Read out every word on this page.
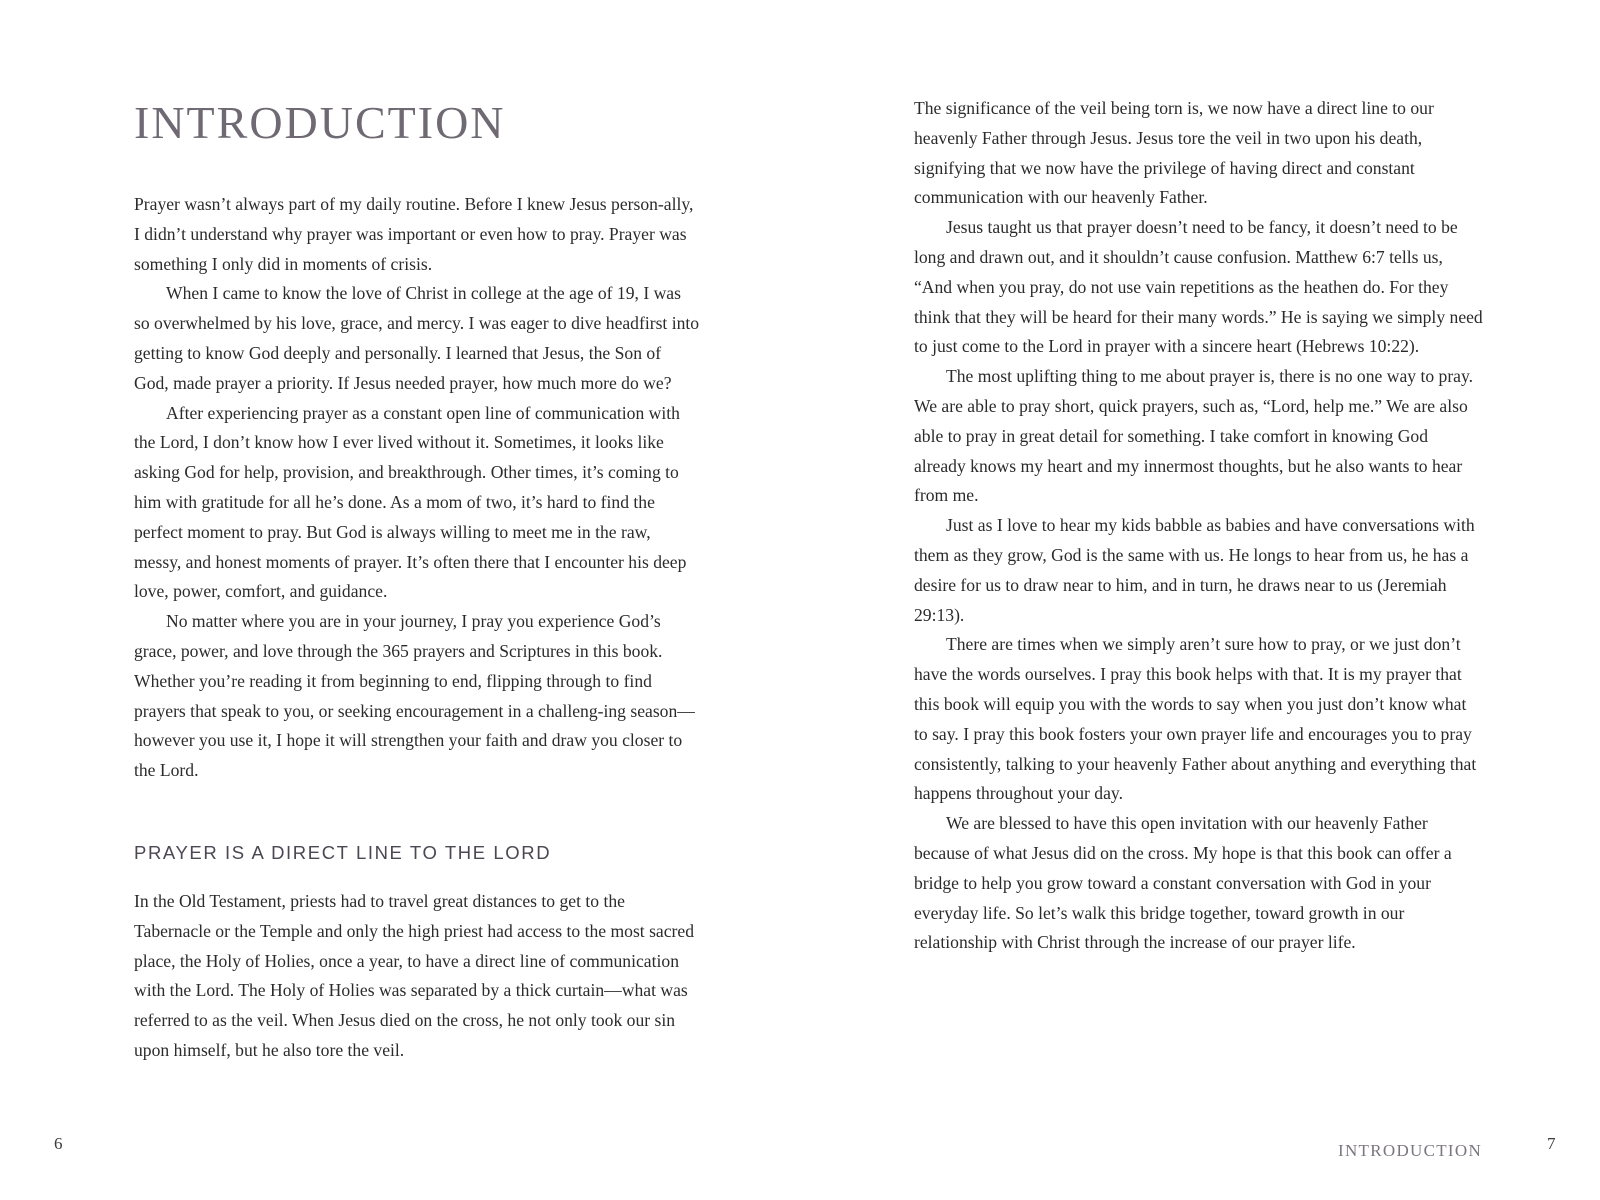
INTRODUCTION

Prayer wasn’t always part of my daily routine. Before I knew Jesus person-ally, I didn’t understand why prayer was important or even how to pray. Prayer was something I only did in moments of crisis.

When I came to know the love of Christ in college at the age of 19, I was so overwhelmed by his love, grace, and mercy. I was eager to dive headfirst into getting to know God deeply and personally. I learned that Jesus, the Son of God, made prayer a priority. If Jesus needed prayer, how much more do we?

After experiencing prayer as a constant open line of communication with the Lord, I don’t know how I ever lived without it. Sometimes, it looks like asking God for help, provision, and breakthrough. Other times, it’s coming to him with gratitude for all he’s done. As a mom of two, it’s hard to find the perfect moment to pray. But God is always willing to meet me in the raw, messy, and honest moments of prayer. It’s often there that I encounter his deep love, power, comfort, and guidance.

No matter where you are in your journey, I pray you experience God’s grace, power, and love through the 365 prayers and Scriptures in this book. Whether you’re reading it from beginning to end, flipping through to find prayers that speak to you, or seeking encouragement in a challeng-ing season—however you use it, I hope it will strengthen your faith and draw you closer to the Lord.

PRAYER IS A DIRECT LINE TO THE LORD

In the Old Testament, priests had to travel great distances to get to the Tabernacle or the Temple and only the high priest had access to the most sacred place, the Holy of Holies, once a year, to have a direct line of communication with the Lord. The Holy of Holies was separated by a thick curtain—what was referred to as the veil. When Jesus died on the cross, he not only took our sin upon himself, but he also tore the veil.

6

The significance of the veil being torn is, we now have a direct line to our heavenly Father through Jesus. Jesus tore the veil in two upon his death, signifying that we now have the privilege of having direct and constant communication with our heavenly Father.

Jesus taught us that prayer doesn’t need to be fancy, it doesn’t need to be long and drawn out, and it shouldn’t cause confusion. Matthew 6:7 tells us, “And when you pray, do not use vain repetitions as the heathen do. For they think that they will be heard for their many words.” He is saying we simply need to just come to the Lord in prayer with a sincere heart (Hebrews 10:22).

The most uplifting thing to me about prayer is, there is no one way to pray. We are able to pray short, quick prayers, such as, “Lord, help me.” We are also able to pray in great detail for something. I take comfort in knowing God already knows my heart and my innermost thoughts, but he also wants to hear from me.

Just as I love to hear my kids babble as babies and have conversations with them as they grow, God is the same with us. He longs to hear from us, he has a desire for us to draw near to him, and in turn, he draws near to us (Jeremiah 29:13).

There are times when we simply aren’t sure how to pray, or we just don’t have the words ourselves. I pray this book helps with that. It is my prayer that this book will equip you with the words to say when you just don’t know what to say. I pray this book fosters your own prayer life and encourages you to pray consistently, talking to your heavenly Father about anything and everything that happens throughout your day.

We are blessed to have this open invitation with our heavenly Father because of what Jesus did on the cross. My hope is that this book can offer a bridge to help you grow toward a constant conversation with God in your everyday life. So let’s walk this bridge together, toward growth in our relationship with Christ through the increase of our prayer life.

INTRODUCTION	7
